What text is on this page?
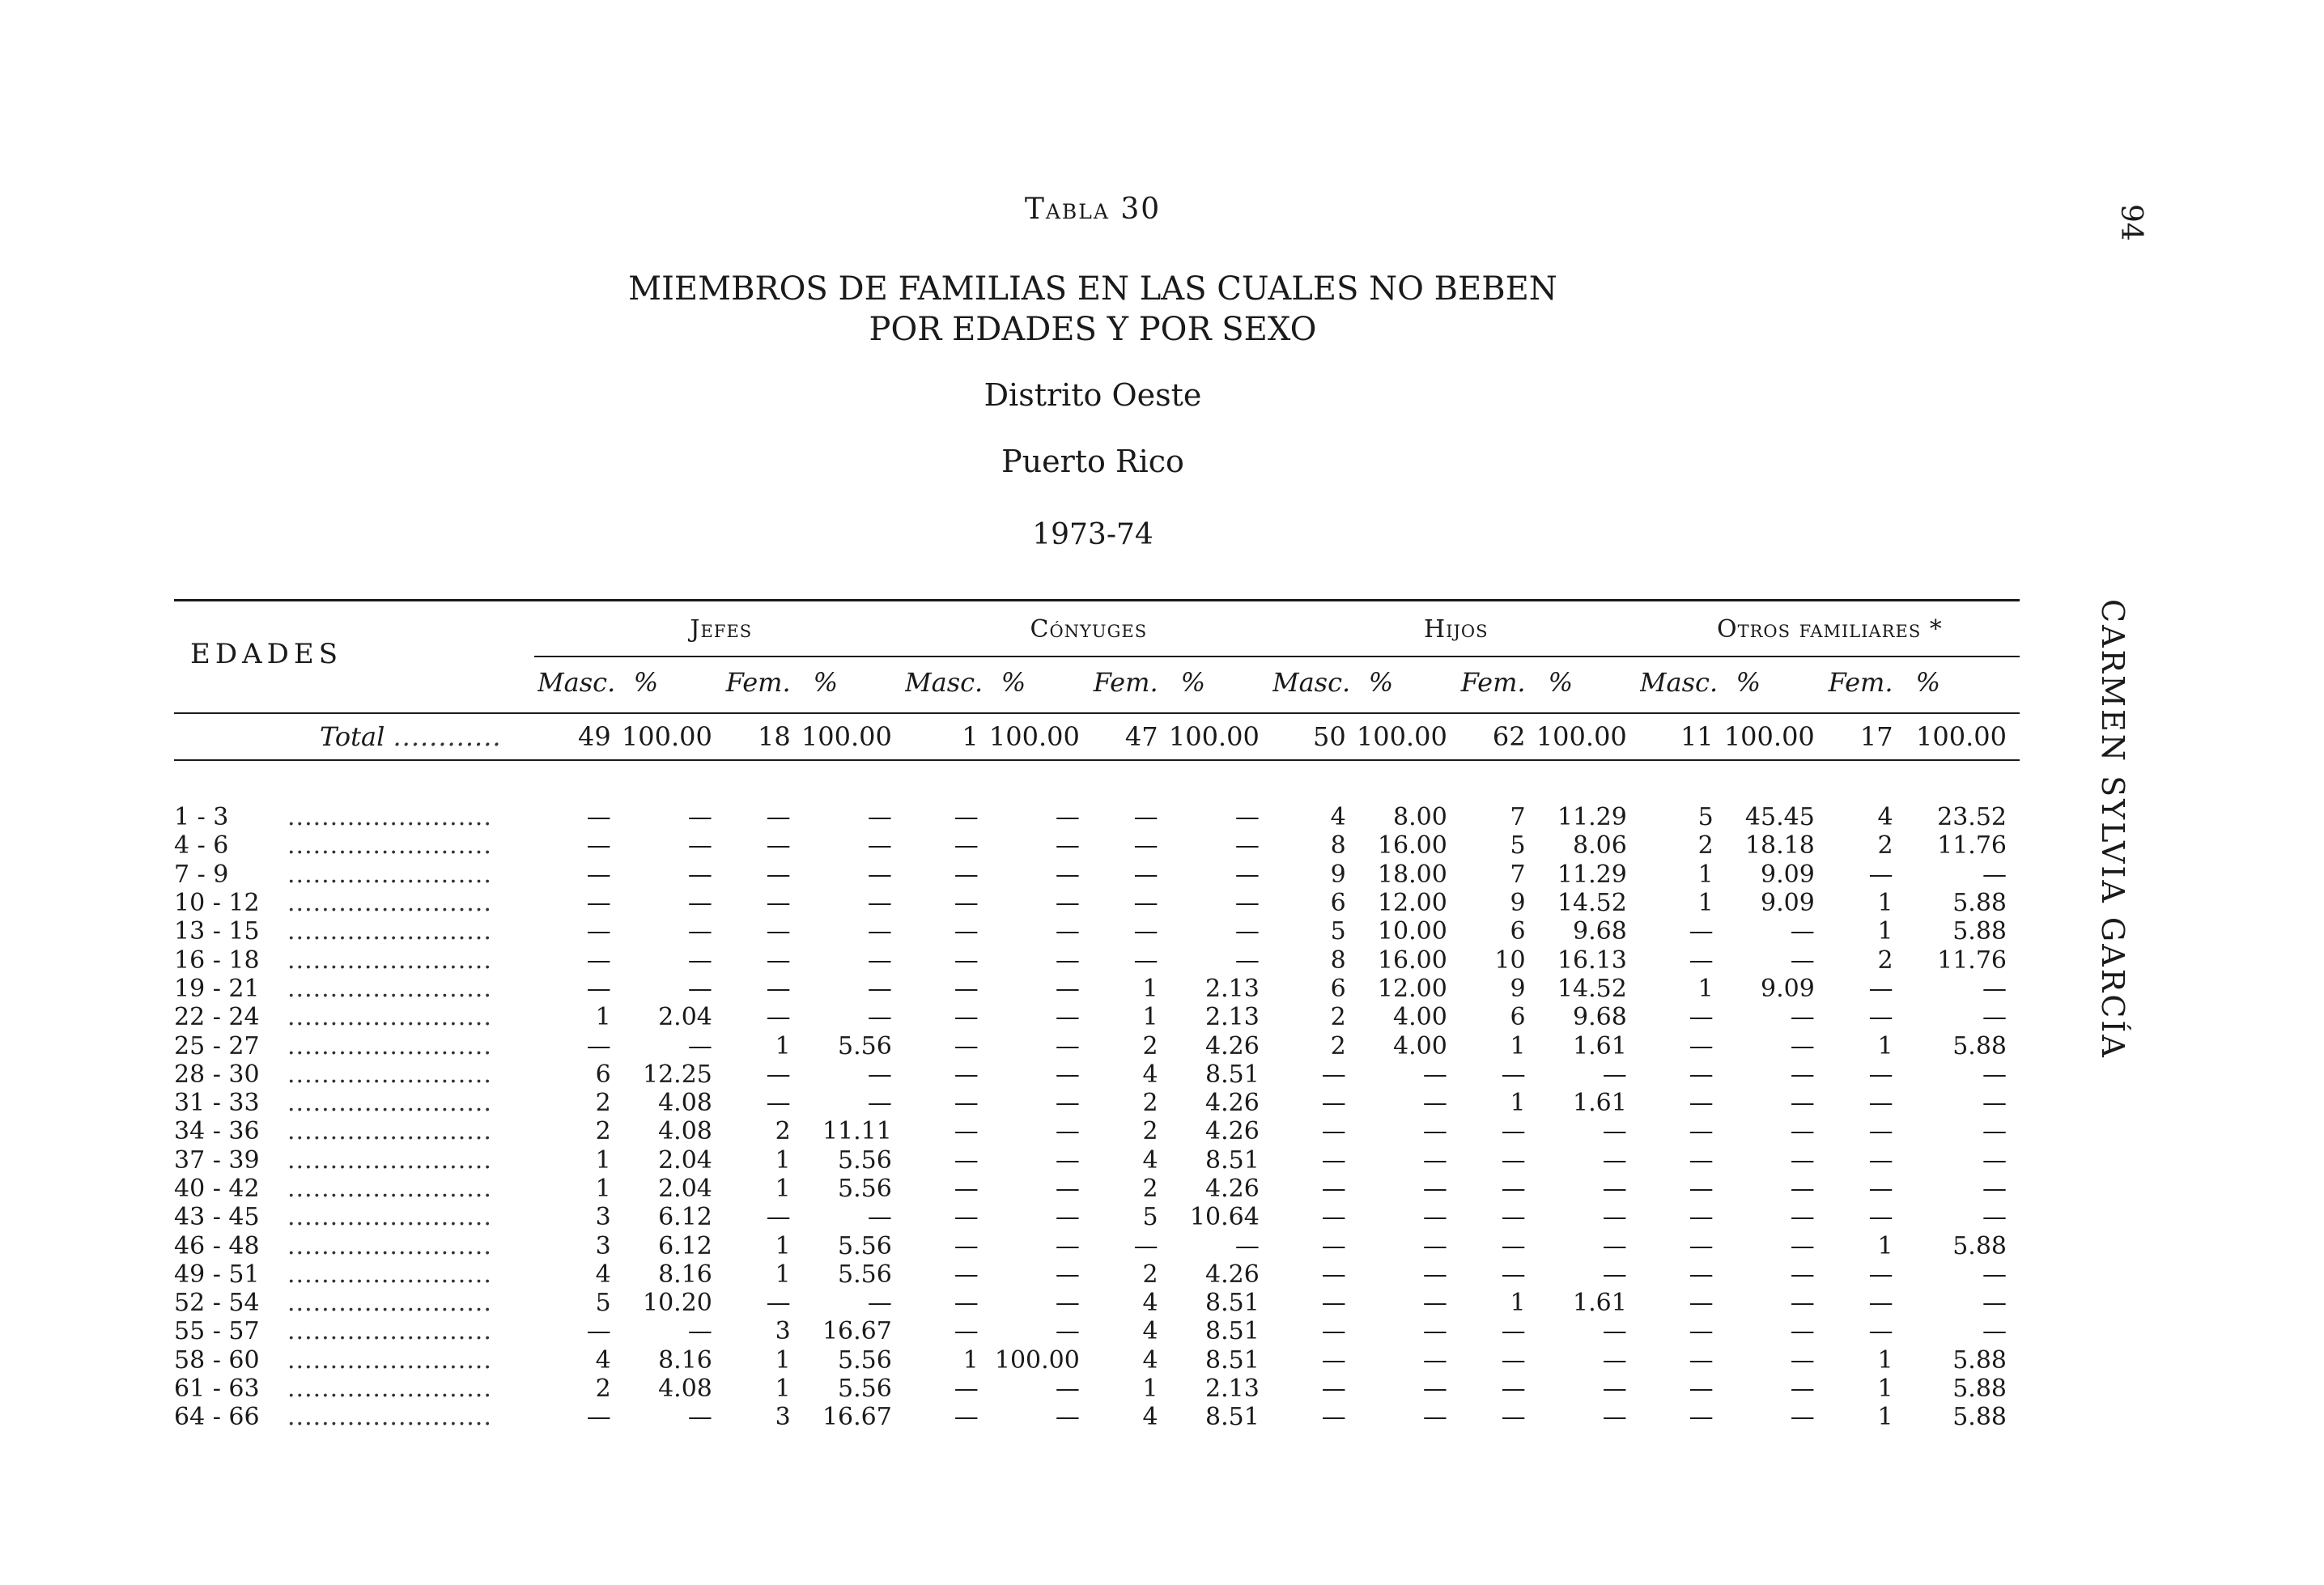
Tabla 30
MIEMBROS DE FAMILIAS EN LAS CUALES NO BEBEN
POR EDADES Y POR SEXO
Distrito Oeste
Puerto Rico
1973-74
94
CARMEN SYLVIA GARCÍA
EDADES	Jefes				Cónyuges				Hijos				Otros familiares *			
	Masc.	%	Fem.	%	Masc.	%	Fem.	%	Masc.	%	Fem.	%	Masc.	%	Fem.	%
Total ............	49	100.00	18	100.00	1	100.00	47	100.00	50	100.00	62	100.00	11	100.00	17	100.00

1 - 3 ........................	—	—	—	—	—	—	—	—	4	8.00	7	11.29	5	45.45	4	23.52
4 - 6 ........................	—	—	—	—	—	—	—	—	8	16.00	5	8.06	2	18.18	2	11.76
7 - 9 ........................	—	—	—	—	—	—	—	—	9	18.00	7	11.29	1	9.09	—	—
10 - 12 ........................	—	—	—	—	—	—	—	—	6	12.00	9	14.52	1	9.09	1	5.88
13 - 15 ........................	—	—	—	—	—	—	—	—	5	10.00	6	9.68	—	—	1	5.88
16 - 18 ........................	—	—	—	—	—	—	—	—	8	16.00	10	16.13	—	—	2	11.76
19 - 21 ........................	—	—	—	—	—	—	1	2.13	6	12.00	9	14.52	1	9.09	—	—
22 - 24 ........................	1	2.04	—	—	—	—	1	2.13	2	4.00	6	9.68	—	—	—	—
25 - 27 ........................	—	—	1	5.56	—	—	2	4.26	2	4.00	1	1.61	—	—	1	5.88
28 - 30 ........................	6	12.25	—	—	—	—	4	8.51	—	—	—	—	—	—	—	—
31 - 33 ........................	2	4.08	—	—	—	—	2	4.26	—	—	1	1.61	—	—	—	—
34 - 36 ........................	2	4.08	2	11.11	—	—	2	4.26	—	—	—	—	—	—	—	—
37 - 39 ........................	1	2.04	1	5.56	—	—	4	8.51	—	—	—	—	—	—	—	—
40 - 42 ........................	1	2.04	1	5.56	—	—	2	4.26	—	—	—	—	—	—	—	—
43 - 45 ........................	3	6.12	—	—	—	—	5	10.64	—	—	—	—	—	—	—	—
46 - 48 ........................	3	6.12	1	5.56	—	—	—	—	—	—	—	—	—	—	1	5.88
49 - 51 ........................	4	8.16	1	5.56	—	—	2	4.26	—	—	—	—	—	—	—	—
52 - 54 ........................	5	10.20	—	—	—	—	4	8.51	—	—	1	1.61	—	—	—	—
55 - 57 ........................	—	—	3	16.67	—	—	4	8.51	—	—	—	—	—	—	—	—
58 - 60 ........................	4	8.16	1	5.56	1	100.00	4	8.51	—	—	—	—	—	—	1	5.88
61 - 63 ........................	2	4.08	1	5.56	—	—	1	2.13	—	—	—	—	—	—	1	5.88
64 - 66 ........................	—	—	3	16.67	—	—	4	8.51	—	—	—	—	—	—	1	5.88
